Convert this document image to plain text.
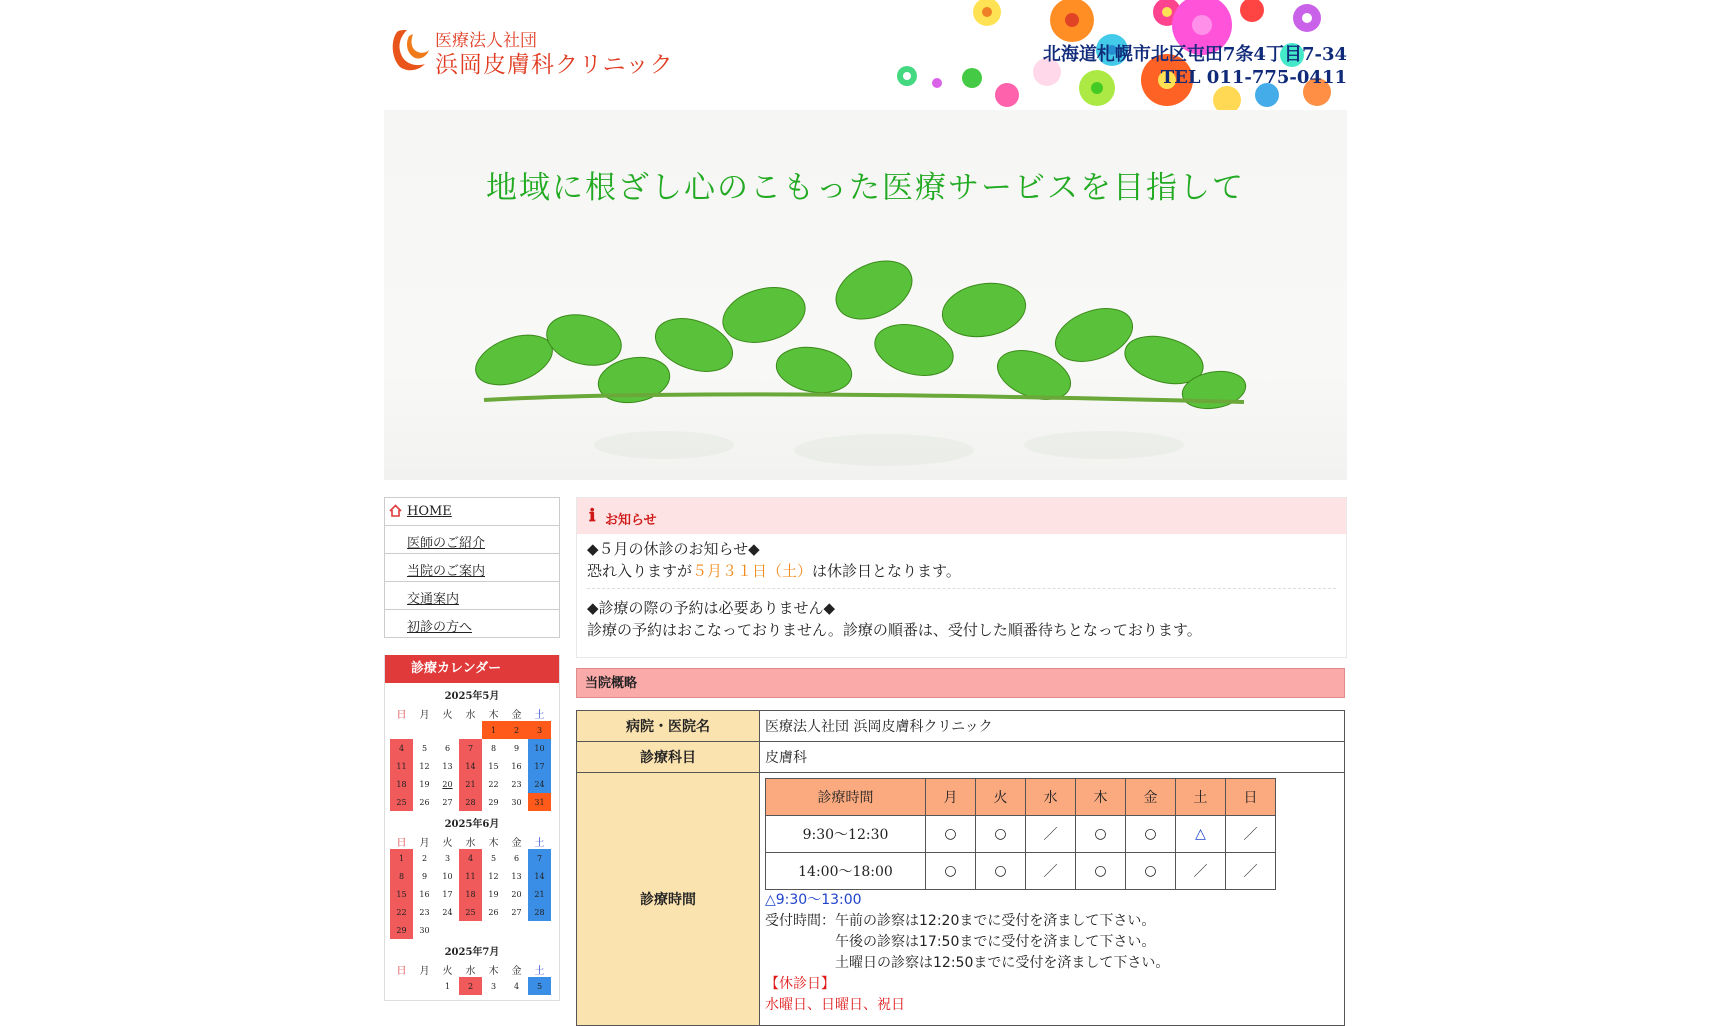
医療法人社団
浜岡皮膚科クリニック	北海道札幌市北区屯田7条4丁目7-34
TEL 011-775-0411
地域に根ざし心のこもった医療サービスを目指して
HOME
医師のご紹介
当院のご案内
交通案内
初診の方へ
診療カレンダー
2025年5月
日	月	火	水	木	金	土
				1	2	3
4	5	6	7	8	9	10
11	12	13	14	15	16	17
18	19	20	21	22	23	24
25	26	27	28	29	30	31
2025年6月
日	月	火	水	木	金	土
1	2	3	4	5	6	7
8	9	10	11	12	13	14
15	16	17	18	19	20	21
22	23	24	25	26	27	28
29	30					
2025年7月
日	月	火	水	木	金	土
		1	2	3	4	5
ℹ お知らせ
◆５月の休診のお知らせ◆
恐れ入りますが５月３１日（土）は休診日となります。
◆診療の際の予約は必要ありません◆
診療の予約はおこなっておりません。診療の順番は、受付した順番待ちとなっております。
当院概略
病院・医院名	医療法人社団 浜岡皮膚科クリニック
診療科目	皮膚科
診療時間	
診療時間	月	火	水	木	金	土	日
9:30～12:30	○	○	／	○	○	△	／
14:00～18:00	○	○	／	○	○	／	／
△9:30～13:00
受付時間：午前の診察は12:20までに受付を済まして下さい。
午後の診察は17:50までに受付を済まして下さい。
土曜日の診察は12:50までに受付を済まして下さい。
【休診日】
水曜日、日曜日、祝日
